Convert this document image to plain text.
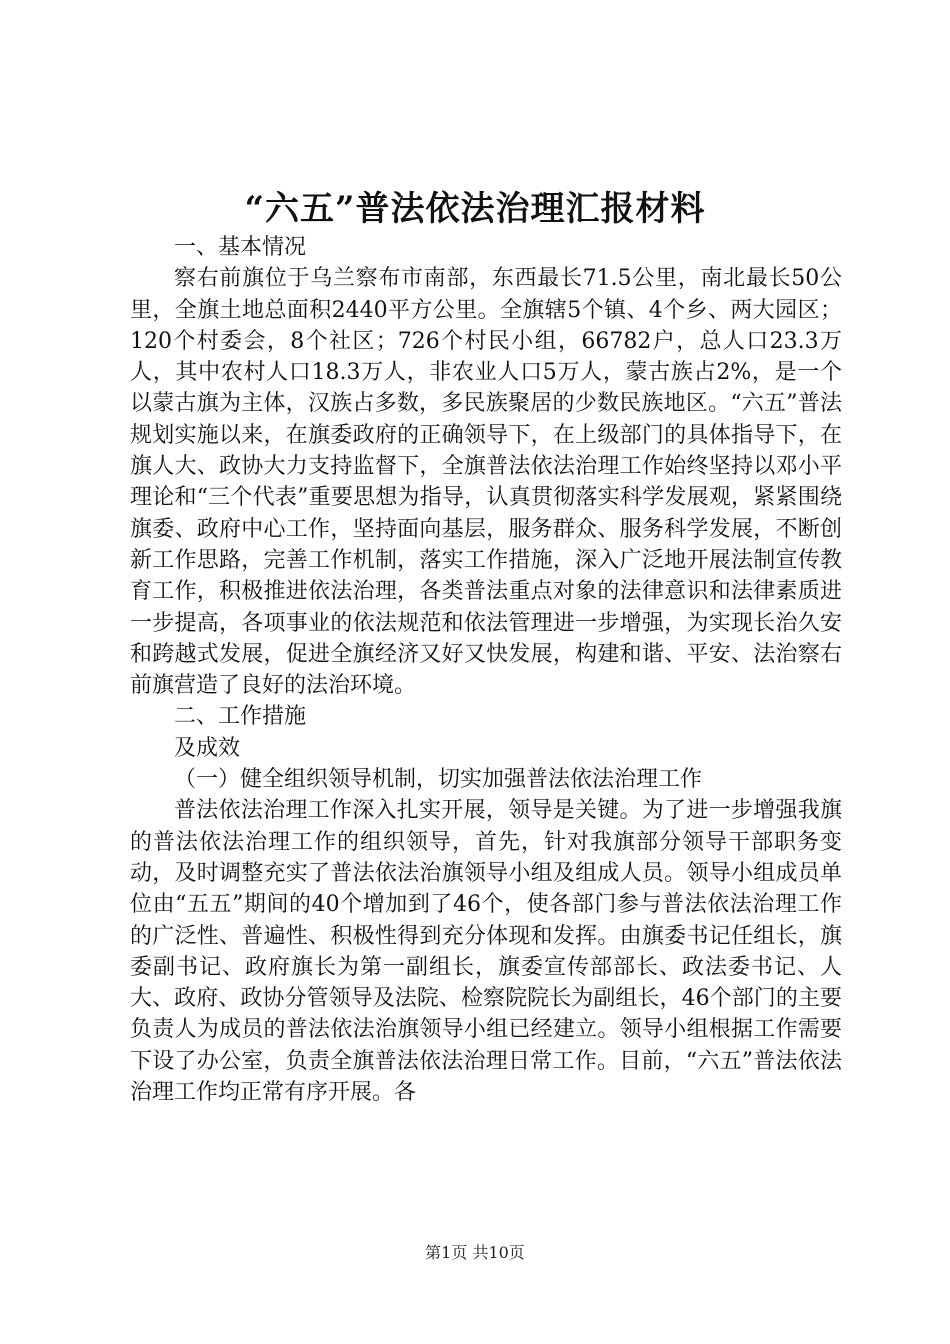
“六五”普法依法治理汇报材料

一、基本情况

察右前旗位于乌兰察布市南部，东西最长71.5公里，南北最长50公里，全旗土地总面积2440平方公里。全旗辖5个镇、4个乡、两大园区；120个村委会，8个社区；726个村民小组，66782户，总人口23.3万人，其中农村人口18.3万人，非农业人口5万人，蒙古族占2%，是一个以蒙古旗为主体，汉族占多数，多民族聚居的少数民族地区。“六五”普法规划实施以来，在旗委政府的正确领导下，在上级部门的具体指导下，在旗人大、政协大力支持监督下，全旗普法依法治理工作始终坚持以邓小平理论和“三个代表”重要思想为指导，认真贯彻落实科学发展观，紧紧围绕旗委、政府中心工作，坚持面向基层，服务群众、服务科学发展，不断创新工作思路，完善工作机制，落实工作措施，深入广泛地开展法制宣传教育工作，积极推进依法治理，各类普法重点对象的法律意识和法律素质进一步提高，各项事业的依法规范和依法管理进一步增强，为实现长治久安和跨越式发展，促进全旗经济又好又快发展，构建和谐、平安、法治察右前旗营造了良好的法治环境。

二、工作措施

及成效

（一）健全组织领导机制，切实加强普法依法治理工作

普法依法治理工作深入扎实开展，领导是关键。为了进一步增强我旗的普法依法治理工作的组织领导，首先，针对我旗部分领导干部职务变动，及时调整充实了普法依法治旗领导小组及组成人员。领导小组成员单位由“五五”期间的40个增加到了46个，使各部门参与普法依法治理工作的广泛性、普遍性、积极性得到充分体现和发挥。由旗委书记任组长，旗委副书记、政府旗长为第一副组长，旗委宣传部部长、政法委书记、人大、政府、政协分管领导及法院、检察院院长为副组长，46个部门的主要负责人为成员的普法依法治旗领导小组已经建立。领导小组根据工作需要下设了办公室，负责全旗普法依法治理日常工作。目前，“六五”普法依法治理工作均正常有序开展。各

第1页 共10页
